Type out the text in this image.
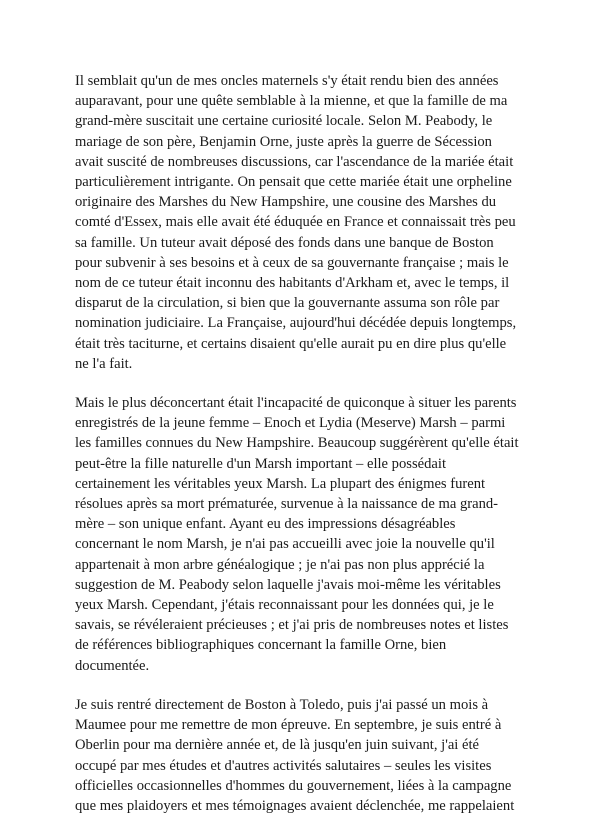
Il semblait qu'un de mes oncles maternels s'y était rendu bien des années
auparavant, pour une quête semblable à la mienne, et que la famille de ma
grand-mère suscitait une certaine curiosité locale. Selon M. Peabody, le
mariage de son père, Benjamin Orne, juste après la guerre de Sécession
avait suscité de nombreuses discussions, car l'ascendance de la mariée était
particulièrement intrigante. On pensait que cette mariée était une orpheline
originaire des Marshes du New Hampshire, une cousine des Marshes du
comté d'Essex, mais elle avait été éduquée en France et connaissait très peu
sa famille. Un tuteur avait déposé des fonds dans une banque de Boston
pour subvenir à ses besoins et à ceux de sa gouvernante française ; mais le
nom de ce tuteur était inconnu des habitants d'Arkham et, avec le temps, il
disparut de la circulation, si bien que la gouvernante assuma son rôle par
nomination judiciaire. La Française, aujourd'hui décédée depuis longtemps,
était très taciturne, et certains disaient qu'elle aurait pu en dire plus qu'elle
ne l'a fait.

Mais le plus déconcertant était l'incapacité de quiconque à situer les parents
enregistrés de la jeune femme – Enoch et Lydia (Meserve) Marsh – parmi
les familles connues du New Hampshire. Beaucoup suggérèrent qu'elle était
peut-être la fille naturelle d'un Marsh important – elle possédait
certainement les véritables yeux Marsh. La plupart des énigmes furent
résolues après sa mort prématurée, survenue à la naissance de ma grand-
mère – son unique enfant. Ayant eu des impressions désagréables
concernant le nom Marsh, je n'ai pas accueilli avec joie la nouvelle qu'il
appartenait à mon arbre généalogique ; je n'ai pas non plus apprécié la
suggestion de M. Peabody selon laquelle j'avais moi-même les véritables
yeux Marsh. Cependant, j'étais reconnaissant pour les données qui, je le
savais, se révéleraient précieuses ; et j'ai pris de nombreuses notes et listes
de références bibliographiques concernant la famille Orne, bien
documentée.

Je suis rentré directement de Boston à Toledo, puis j'ai passé un mois à
Maumee pour me remettre de mon épreuve. En septembre, je suis entré à
Oberlin pour ma dernière année et, de là jusqu'en juin suivant, j'ai été
occupé par mes études et d'autres activités salutaires – seules les visites
officielles occasionnelles d'hommes du gouvernement, liées à la campagne
que mes plaidoyers et mes témoignages avaient déclenchée, me rappelaient
